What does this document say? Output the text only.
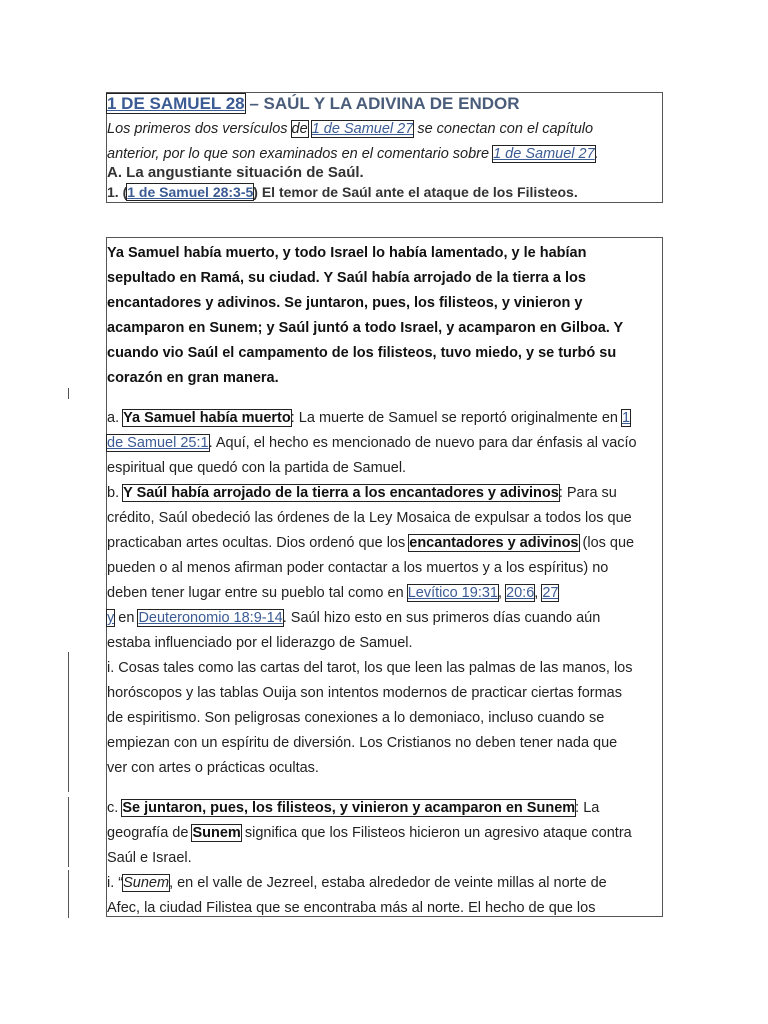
1 DE SAMUEL 28 – SAÚL Y LA ADIVINA DE ENDOR
Los primeros dos versículos de 1 de Samuel 27 se conectan con el capítulo
anterior, por lo que son examinados en el comentario sobre 1 de Samuel 27.
A. La angustiante situación de Saúl.
1. (1 de Samuel 28:3-5) El temor de Saúl ante el ataque de los Filisteos.
Ya Samuel había muerto, y todo Israel lo había lamentado, y le habían
sepultado en Ramá, su ciudad. Y Saúl había arrojado de la tierra a los
encantadores y adivinos. Se juntaron, pues, los filisteos, y vinieron y
acamparon en Sunem; y Saúl juntó a todo Israel, y acamparon en Gilboa. Y
cuando vio Saúl el campamento de los filisteos, tuvo miedo, y se turbó su
corazón en gran manera.
a. Ya Samuel había muerto: La muerte de Samuel se reportó originalmente en 1
de Samuel 25:1. Aquí, el hecho es mencionado de nuevo para dar énfasis al vacío
espiritual que quedó con la partida de Samuel.
b. Y Saúl había arrojado de la tierra a los encantadores y adivinos: Para su
crédito, Saúl obedeció las órdenes de la Ley Mosaica de expulsar a todos los que
practicaban artes ocultas. Dios ordenó que los encantadores y adivinos (los que
pueden o al menos afirman poder contactar a los muertos y a los espíritus) no
deben tener lugar entre su pueblo tal como en Levítico 19:31, 20:6, 27
y en Deuteronomio 18:9-14. Saúl hizo esto en sus primeros días cuando aún
estaba influenciado por el liderazgo de Samuel.
i. Cosas tales como las cartas del tarot, los que leen las palmas de las manos, los
horóscopos y las tablas Ouija son intentos modernos de practicar ciertas formas
de espiritismo. Son peligrosas conexiones a lo demoniaco, incluso cuando se
empiezan con un espíritu de diversión. Los Cristianos no deben tener nada que
ver con artes o prácticas ocultas.
c. Se juntaron, pues, los filisteos, y vinieron y acamparon en Sunem: La
geografía de Sunem significa que los Filisteos hicieron un agresivo ataque contra
Saúl e Israel.
i. “Sunem, en el valle de Jezreel, estaba alrededor de veinte millas al norte de
Afec, la ciudad Filistea que se encontraba más al norte. El hecho de que los
